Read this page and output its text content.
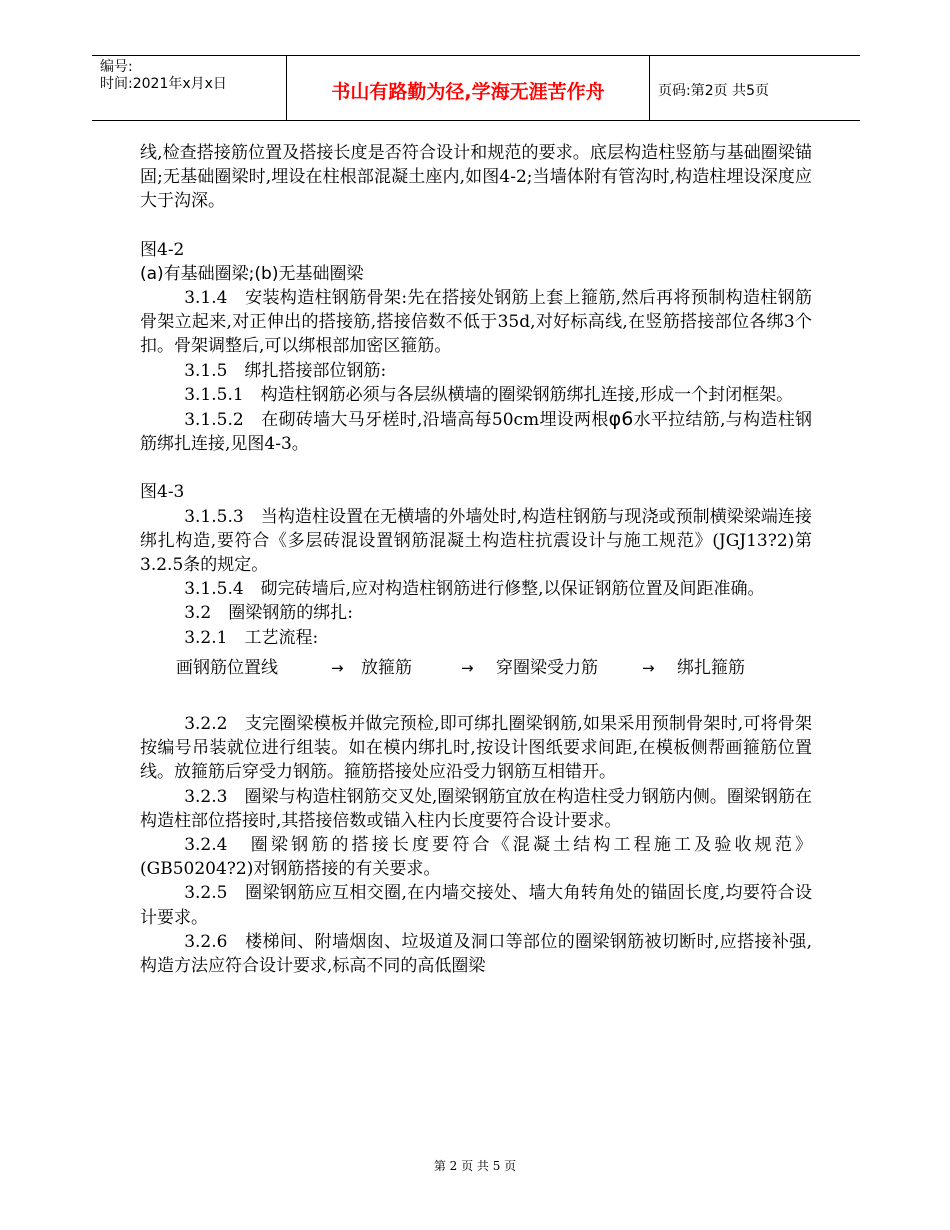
编号:
时间:2021年x月x日	书山有路勤为径,学海无涯苦作舟	页码:第2页 共5页

线,检查搭接筋位置及搭接长度是否符合设计和规范的要求。底层构造柱竖筋与基础圈梁锚固;无基础圈梁时,埋设在柱根部混凝土座内,如图4-2;当墙体附有管沟时,构造柱埋设深度应大于沟深。

图4-2

(a)有基础圈梁;(b)无基础圈梁

3.1.4　安装构造柱钢筋骨架:先在搭接处钢筋上套上箍筋,然后再将预制构造柱钢筋骨架立起来,对正伸出的搭接筋,搭接倍数不低于35d,对好标高线,在竖筋搭接部位各绑3个扣。骨架调整后,可以绑根部加密区箍筋。

3.1.5　绑扎搭接部位钢筋:

3.1.5.1　构造柱钢筋必须与各层纵横墙的圈梁钢筋绑扎连接,形成一个封闭框架。

3.1.5.2　在砌砖墙大马牙槎时,沿墙高每50cm埋设两根φ6水平拉结筋,与构造柱钢筋绑扎连接,见图4-3。

图4-3

3.1.5.3　当构造柱设置在无横墙的外墙处时,构造柱钢筋与现浇或预制横梁梁端连接绑扎构造,要符合《多层砖混设置钢筋混凝土构造柱抗震设计与施工规范》(JGJ13?2)第3.2.5条的规定。

3.1.5.4　砌完砖墙后,应对构造柱钢筋进行修整,以保证钢筋位置及间距准确。

3.2　圈梁钢筋的绑扎:

3.2.1　工艺流程:

画钢筋位置线	→	放箍筋	→	穿圈梁受力筋	→	绑扎箍筋

3.2.2　支完圈梁模板并做完预检,即可绑扎圈梁钢筋,如果采用预制骨架时,可将骨架按编号吊装就位进行组装。如在模内绑扎时,按设计图纸要求间距,在模板侧帮画箍筋位置线。放箍筋后穿受力钢筋。箍筋搭接处应沿受力钢筋互相错开。

3.2.3　圈梁与构造柱钢筋交叉处,圈梁钢筋宜放在构造柱受力钢筋内侧。圈梁钢筋在构造柱部位搭接时,其搭接倍数或锚入柱内长度要符合设计要求。

3.2.4　圈梁钢筋的搭接长度要符合《混凝土结构工程施工及验收规范》(GB50204?2)对钢筋搭接的有关要求。

3.2.5　圈梁钢筋应互相交圈,在内墙交接处、墙大角转角处的锚固长度,均要符合设计要求。

3.2.6　楼梯间、附墙烟囱、垃圾道及洞口等部位的圈梁钢筋被切断时,应搭接补强,构造方法应符合设计要求,标高不同的高低圈梁

第 2 页 共 5 页
